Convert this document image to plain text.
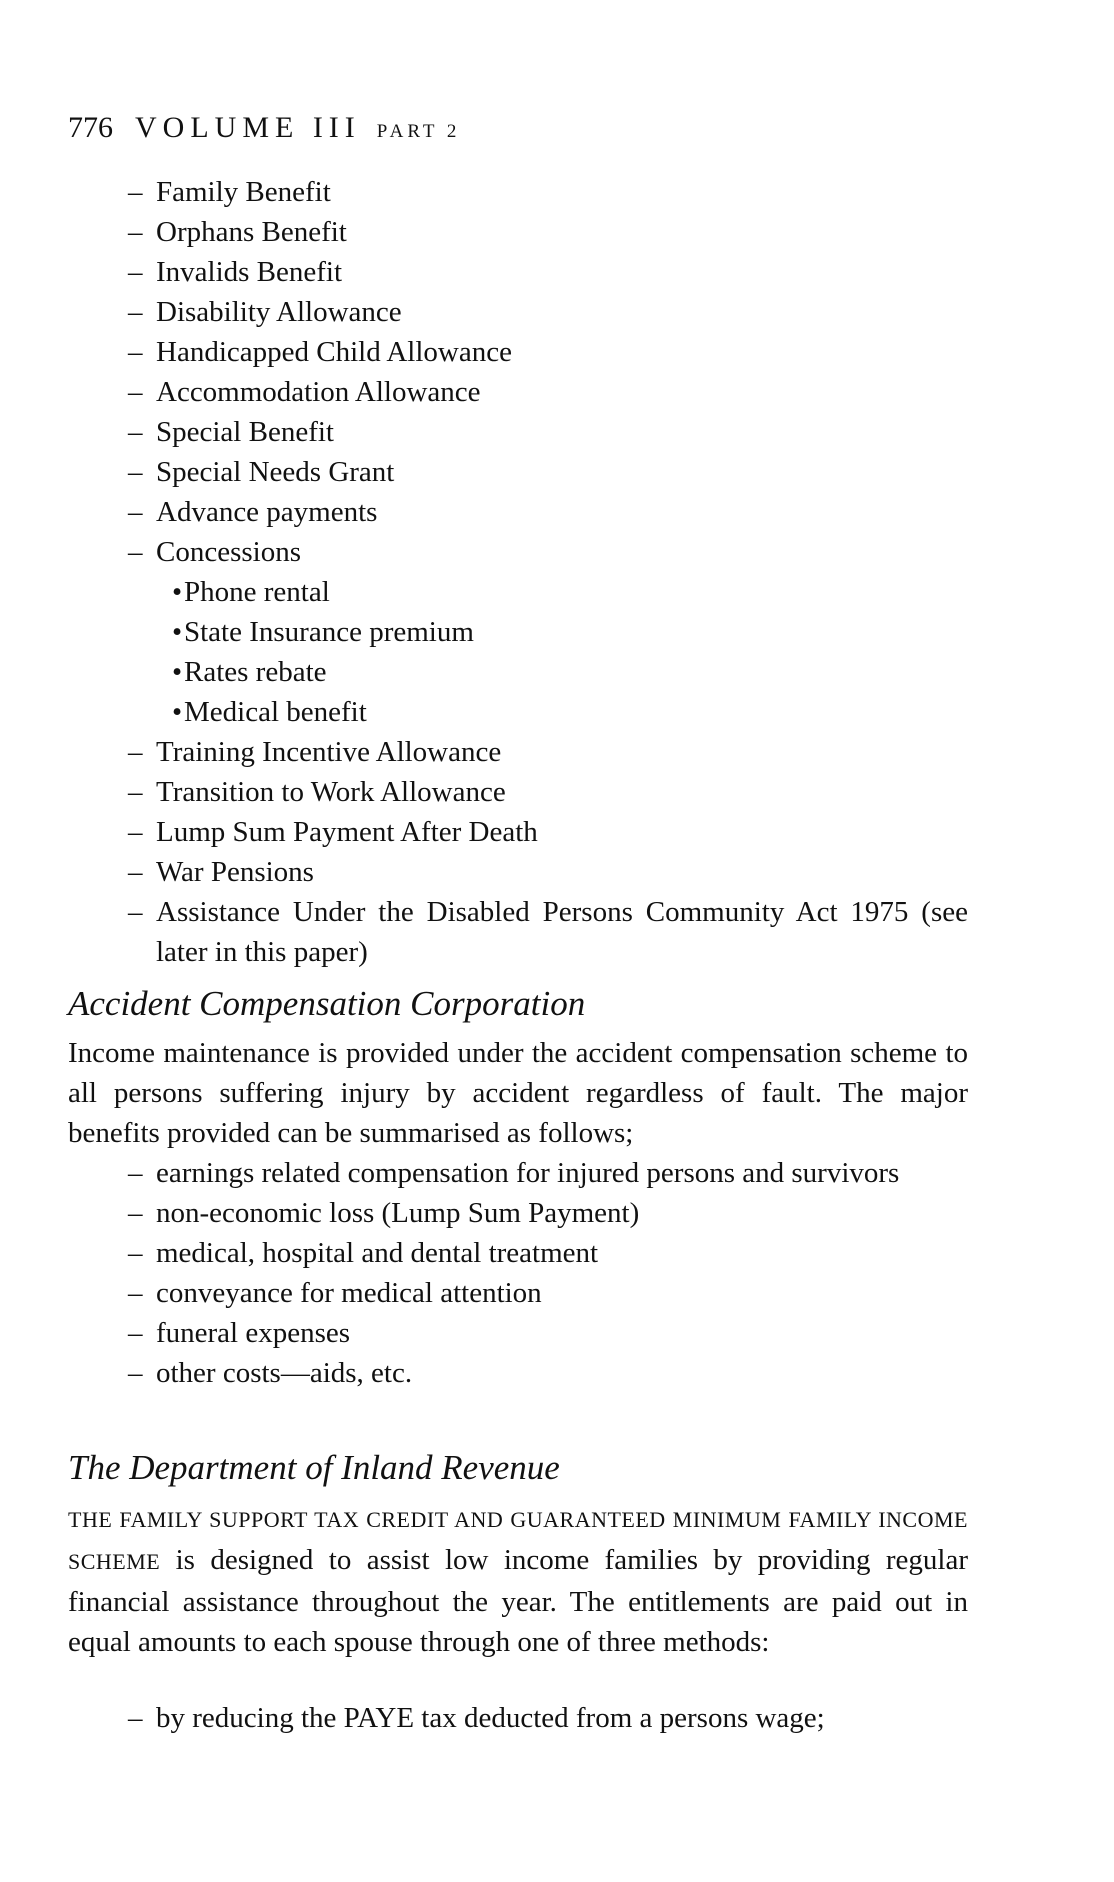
776 VOLUME III PART 2
– Family Benefit
– Orphans Benefit
– Invalids Benefit
– Disability Allowance
– Handicapped Child Allowance
– Accommodation Allowance
– Special Benefit
– Special Needs Grant
– Advance payments
– Concessions
•Phone rental
•State Insurance premium
•Rates rebate
•Medical benefit
– Training Incentive Allowance
– Transition to Work Allowance
– Lump Sum Payment After Death
– War Pensions
– Assistance Under the Disabled Persons Community Act 1975 (see later in this paper)
Accident Compensation Corporation

Income maintenance is provided under the accident compensation scheme to all persons suffering injury by accident regardless of fault. The major benefits provided can be summarised as follows;

– earnings related compensation for injured persons and survivors
– non-economic loss (Lump Sum Payment)
– medical, hospital and dental treatment
– conveyance for medical attention
– funeral expenses
– other costs—aids, etc.
The Department of Inland Revenue

THE FAMILY SUPPORT TAX CREDIT AND GUARANTEED MINIMUM FAMILY INCOME SCHEME is designed to assist low income families by providing regular financial assistance throughout the year. The entitlements are paid out in equal amounts to each spouse through one of three methods:

– by reducing the PAYE tax deducted from a persons wage;
